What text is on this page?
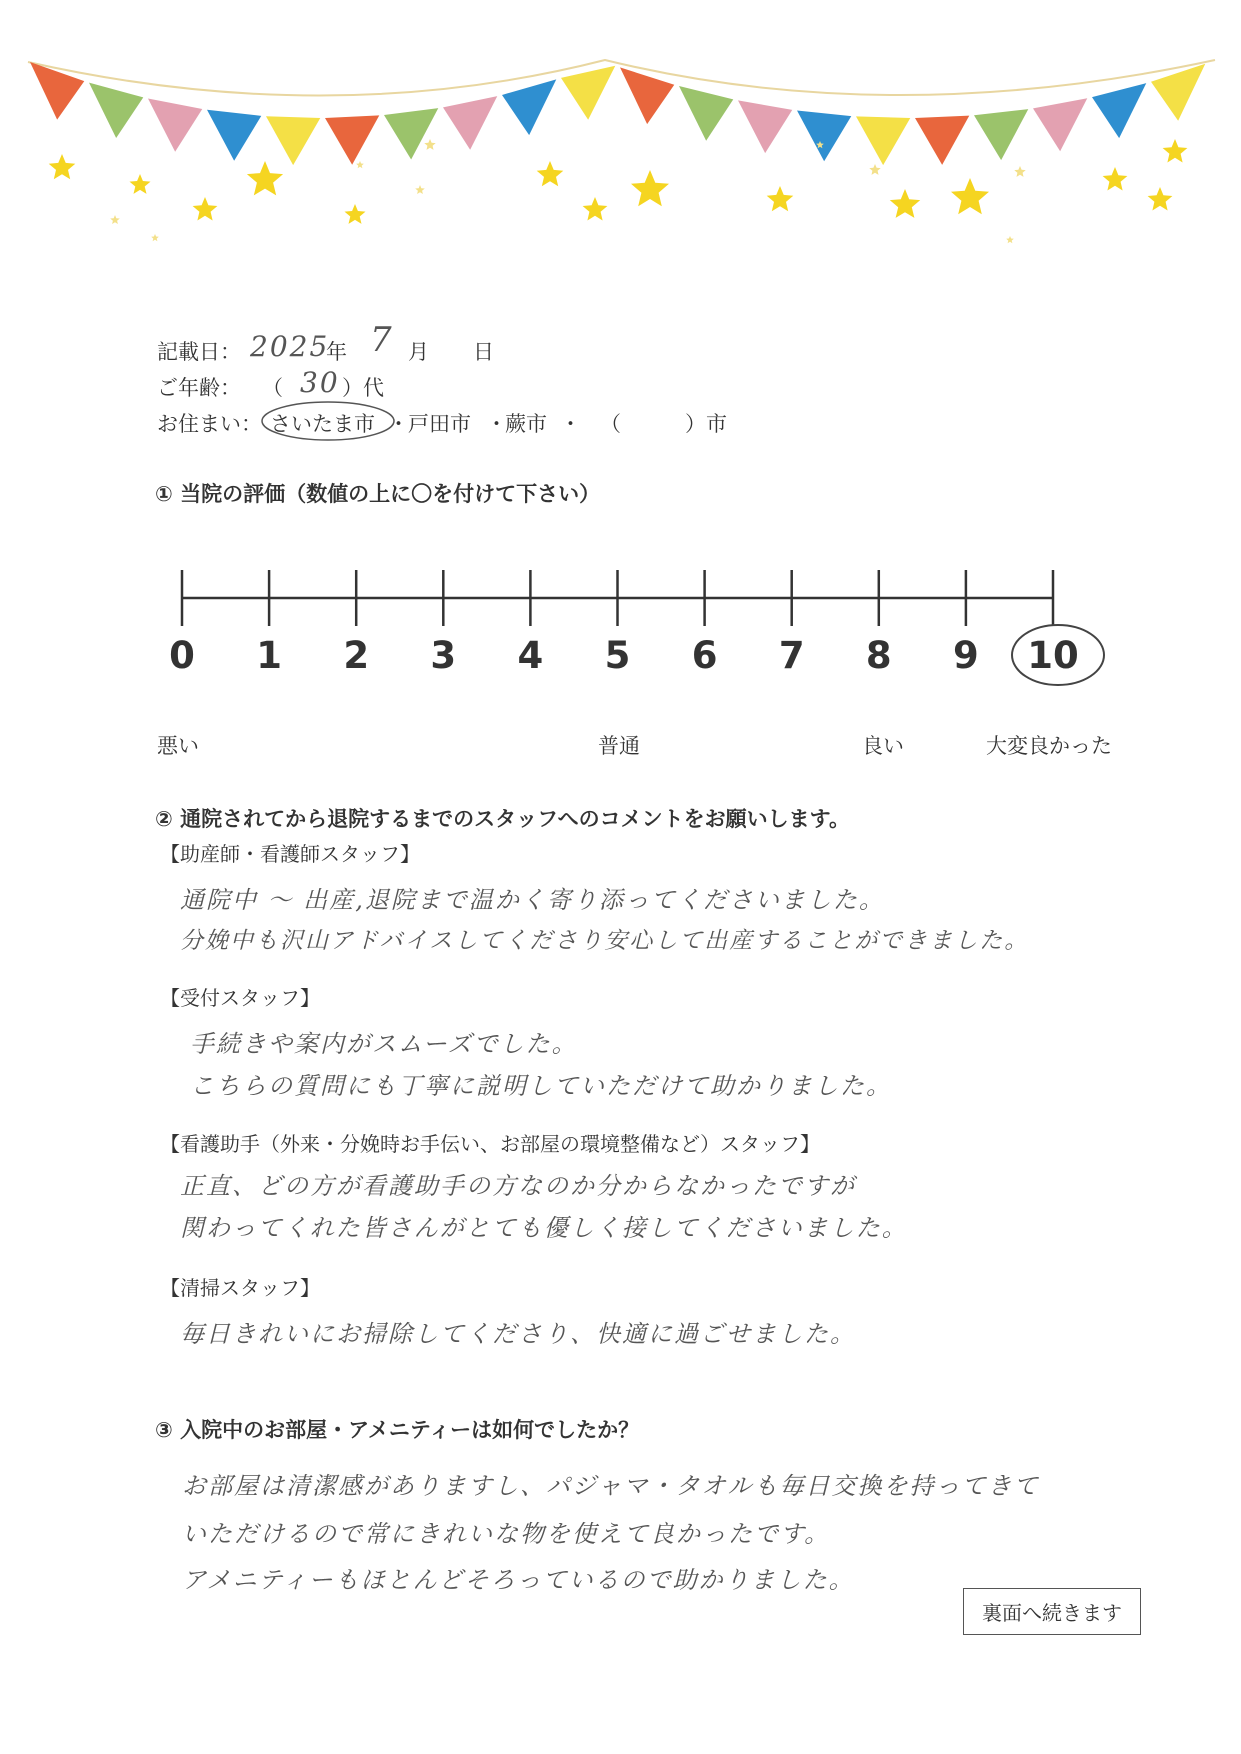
記載日： 2025
年 7 月 日
ご年齢： （ 30 ）代
お住まい： さいたま市 ・ 戸田市 ・
蕨市 ・ （	）市
① 当院の評価（数値の上に〇を付けて下さい）
0 1 2 3 4 5 6 7 8 9 10
悪い	普通	良い	大変良かった
② 通院されてから退院するまでのスタッフへのコメントをお願いします。
【助産師・看護師スタッフ】
通院中 ～ 出産,退院まで温かく寄り添ってくださいました。
分娩中も沢山アドバイスしてくださり安心して出産することができました。
【受付スタッフ】
手続きや案内がスムーズでした。
こちらの質問にも丁寧に説明していただけて助かりました。
【看護助手（外来・分娩時お手伝い、お部屋の環境整備など）スタッフ】
正直、どの方が看護助手の方なのか分からなかったですが
関わってくれた皆さんがとても優しく接してくださいました。
【清掃スタッフ】
毎日きれいにお掃除してくださり、快適に過ごせました。
③ 入院中のお部屋・アメニティーは如何でしたか？
お部屋は清潔感がありますし、パジャマ・タオルも毎日交換を持ってきて
いただけるので常にきれいな物を使えて良かったです。
アメニティーもほとんどそろっているので助かりました。
裏面へ続きます
